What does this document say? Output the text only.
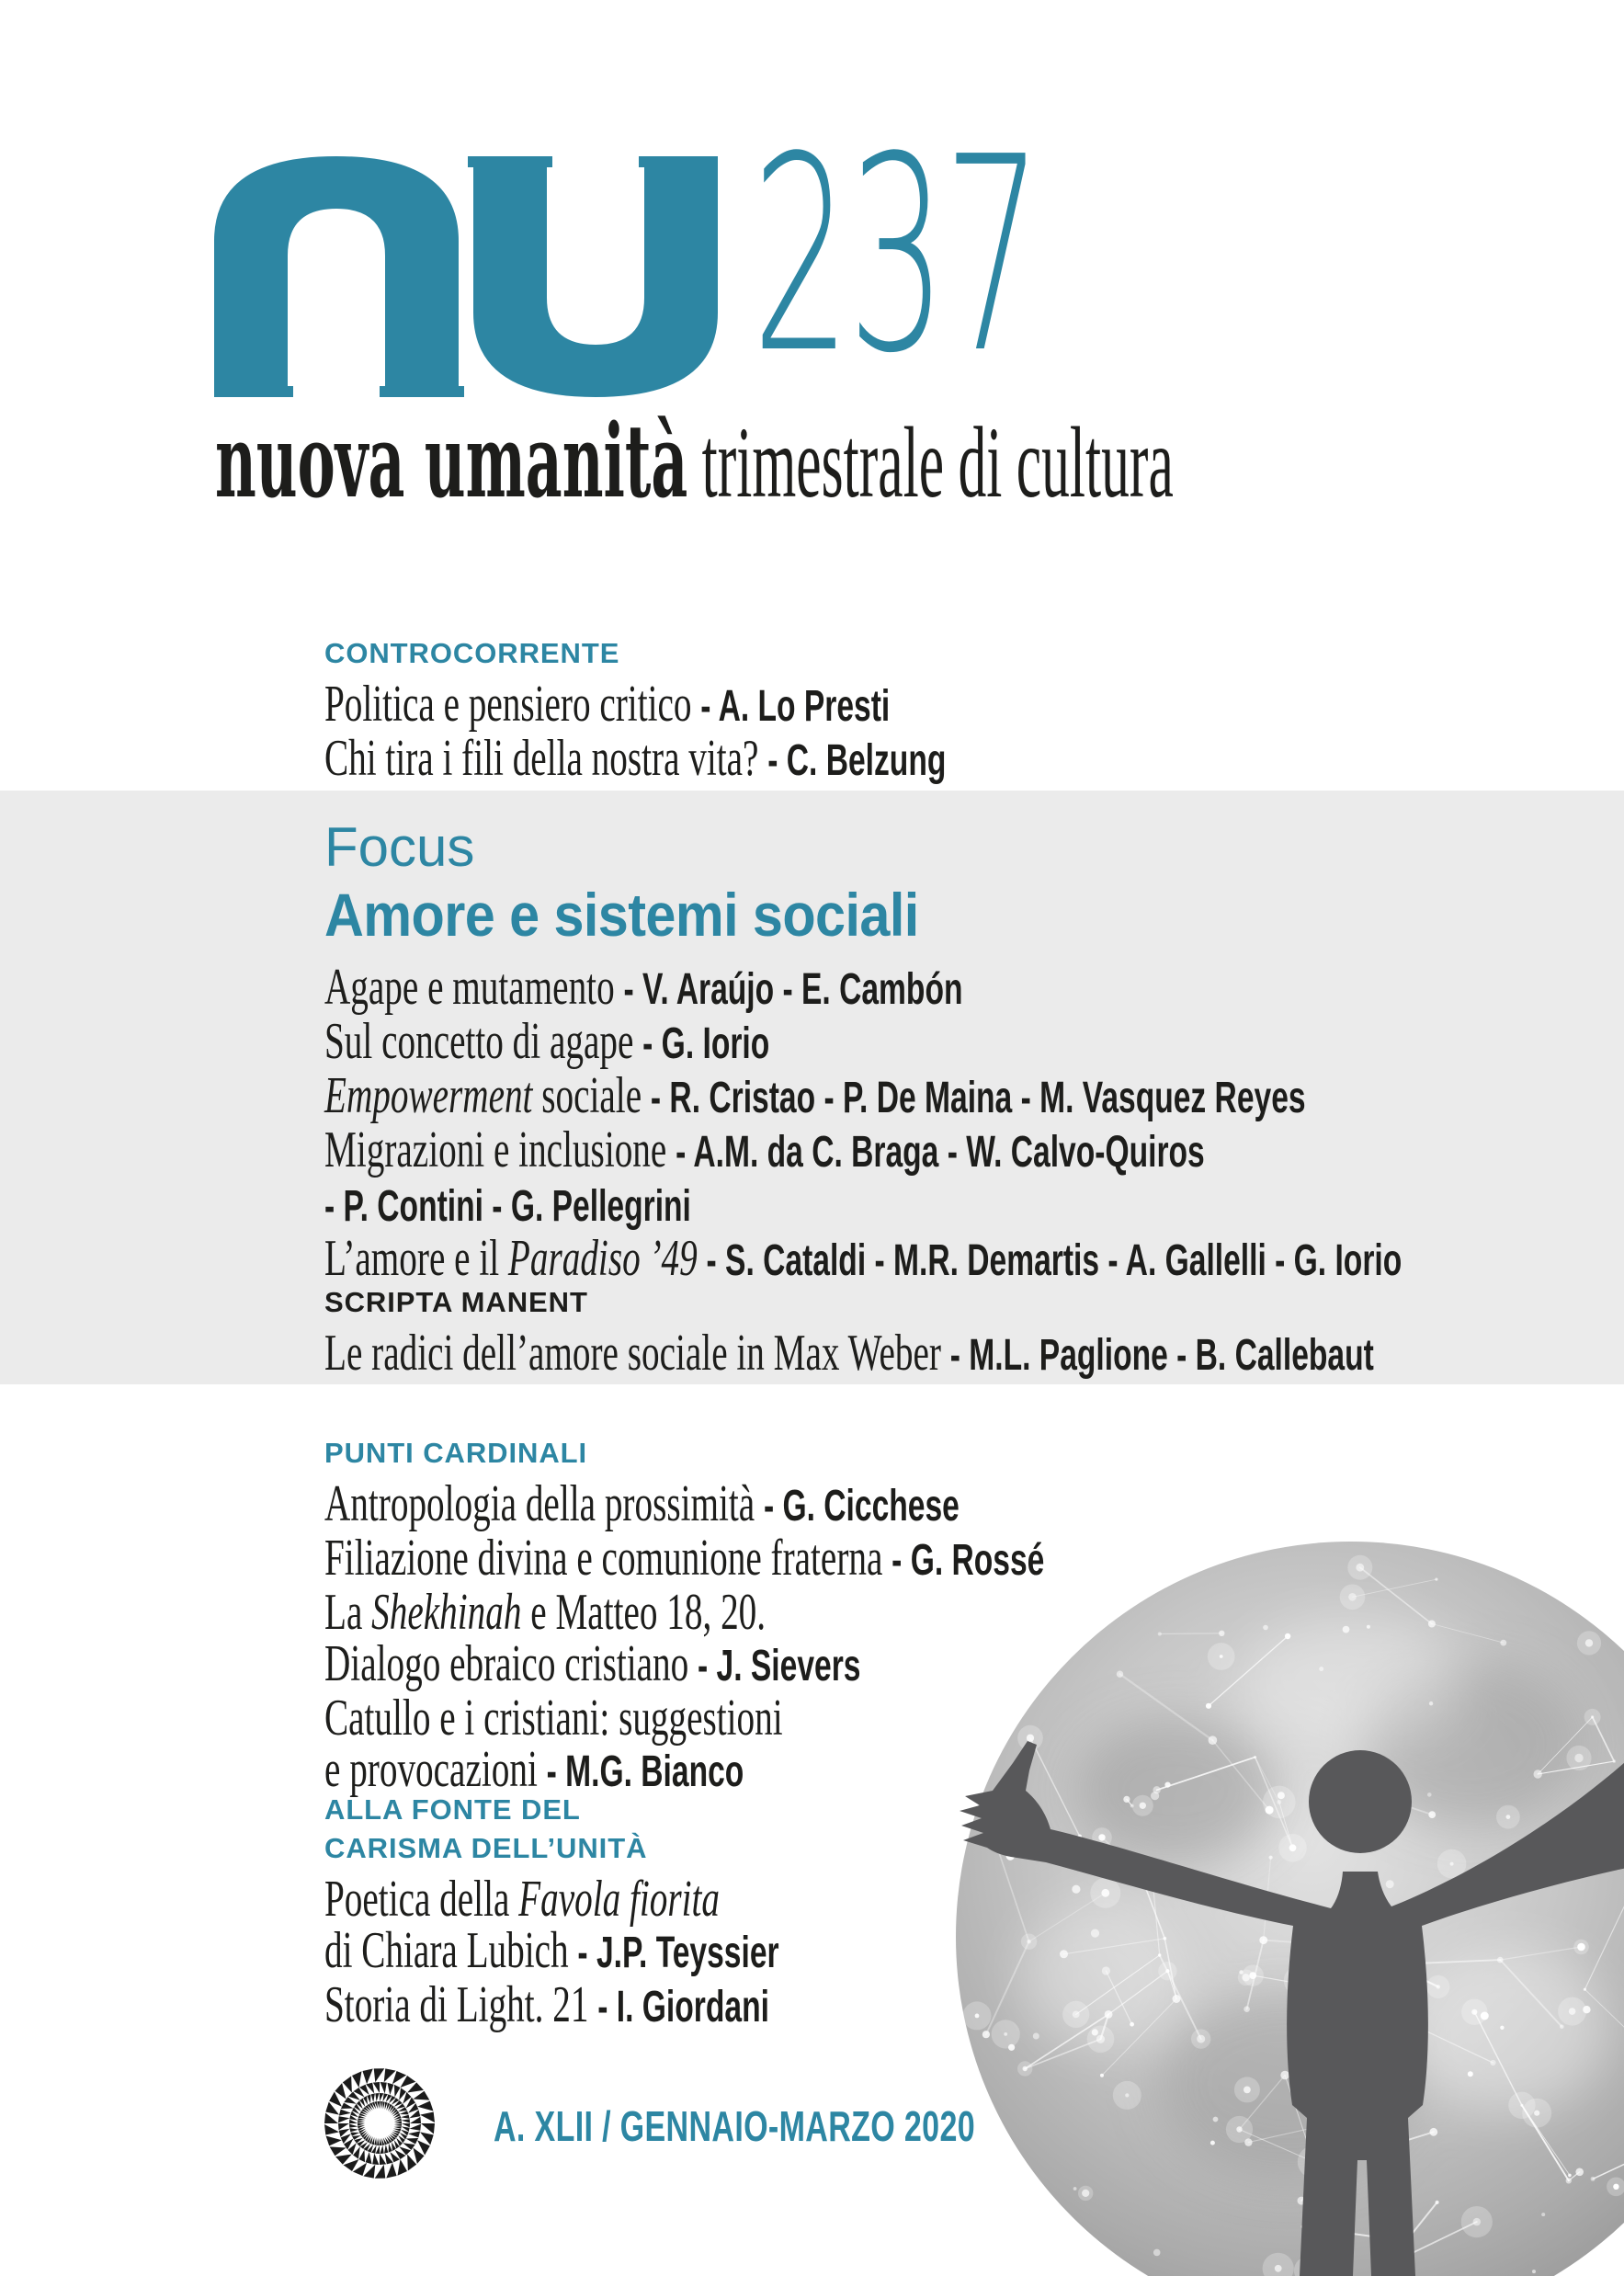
237
nuova umanità trimestrale di cultura
CONTROCORRENTE
Politica e pensiero critico - A. Lo Presti
Chi tira i fili della nostra vita? - C. Belzung
Focus
Amore e sistemi sociali
Agape e mutamento - V. Araújo - E. Cambón
Sul concetto di agape - G. Iorio
Empowerment sociale - R. Cristao - P. De Maina - M. Vasquez Reyes
Migrazioni e inclusione - A.M. da C. Braga - W. Calvo-Quiros
- P. Contini - G. Pellegrini
L’amore e il Paradiso ’49 - S. Cataldi - M.R. Demartis - A. Gallelli - G. Iorio
SCRIPTA MANENT
Le radici dell’amore sociale in Max Weber - M.L. Paglione - B. Callebaut
PUNTI CARDINALI
Antropologia della prossimità - G. Cicchese
Filiazione divina e comunione fraterna - G. Rossé
La Shekhinah e Matteo 18, 20.
Dialogo ebraico cristiano - J. Sievers
Catullo e i cristiani: suggestioni
e provocazioni - M.G. Bianco
ALLA FONTE DEL
CARISMA DELL’UNITÀ
Poetica della Favola fiorita
di Chiara Lubich - J.P. Teyssier
Storia di Light. 21 - I. Giordani
A. XLII / GENNAIO-MARZO 2020
